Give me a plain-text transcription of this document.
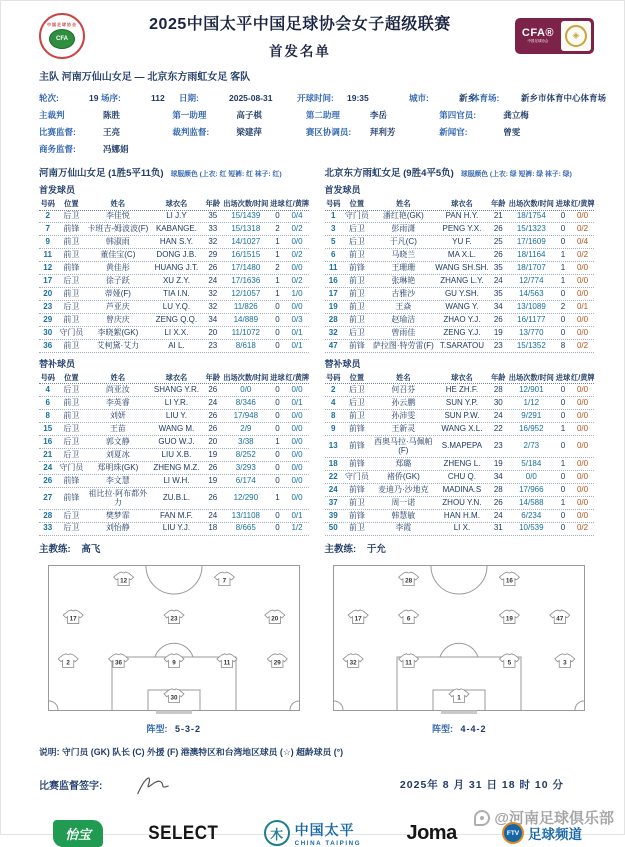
中国足球协会
CFA
2025中国太平中国足球协会女子超级联赛
首发名单
CFA®
中国足球协会
◈
主队 河南万仙山女足 — 北京东方雨虹女足 客队
轮次:	19 场序:	112	日期:	2025-08-31	开球时间: 19:35	城市:	新乡
体育场:	新乡市体育中心体育场
主裁判	陈胜	第一助理	高子棋	第二助理	李岳	第四官员:	龚立梅
比赛监督:	王亮	裁判监督:	梁建萍	赛区协调员: 拜利芳	新闻官:	曾雯
商务监督:	冯娜娟
河南万仙山女足 (1胜5平11负) 球服颜色 (上衣: 红 短裤: 红 袜子: 红)
首发球员
号码	位置	姓名	球衣名	年龄 出场次数/时间 进球 红/黄牌
2	后卫	李佳悦	LI J.Y	35	15/1439	0	0/4
7	前锋	卡班吉-姆波波(F) KABANGE.	33	15/1318	2	0/2
9	前卫	韩淑雨	HAN S.Y.	32	14/1027	1	0/0
11	前卫	董佳宝(C)	DONG J.B.	29	16/1515	1	0/2
12	前锋	黄佳彤	HUANG J.T.	26	17/1480	2	0/0
17	后卫	徐子跃	XU Z.Y.	24	17/1636	1	0/2
20	前卫	蒂娅(F)	TIA I.N.	32	12/1057	1	1/0
23	后卫	芦亚庆	LU Y.Q.	32	11/826	0	0/0
29	前卫	曾庆庆	ZENG Q.Q.	34	14/889	0	0/3
30 守门员	李晓絮(GK)	LI X.X.	20	11/1072	0	0/1
36	前卫	艾柯黛·艾力	AI L.	23	8/618	0	0/1
替补球员
号码	位置	姓名	球衣名	年龄 出场次数/时间 进球 红/黄牌
4	后卫	尚亚汝	SHANG Y.R.	26	0/0	0	0/0
6	前卫	李英睿	LI Y.R.	24	8/346	0	0/1
8	前卫	刘妍	LIU Y.	26	17/948	0	0/0
15	后卫	王苗	WANG M.	26	2/9	0	0/0
16	后卫	郭文静	GUO W.J.	20	3/38	1	0/0
21	后卫	刘夏冰	LIU X.B.	19	8/252	0	0/0
24 守门员	郑明珠(GK)	ZHENG M.Z.	26	3/293	0	0/0
26	前锋	李文慧	LI W.H.	19	6/174	0	0/0
27	前锋	祖比拉·阿布都外力	ZU.B.L.	26	12/290	1	0/0
28	后卫	樊梦霏	FAN M.F.	24	13/1108	0	0/1
33	后卫	刘怡静	LIU Y.J.	18	8/665	0	1/2
主教练: 高飞
北京东方雨虹女足 (9胜4平5负) 球服颜色 (上衣: 绿 短裤: 绿 袜子: 绿)
首发球员
号码	位置	姓名	球衣名	年龄 出场次数/时间 进球 红/黄牌
1	守门员	潘红艳(GK)	PAN H.Y.	21	18/1754	0	0/0
3	后卫	彭雨潇	PENG Y.X.	26	15/1323	0	0/2
5	后卫	于凡(C)	YU F.	25	17/1609	0	0/4
6	前卫	马晓兰	MA X.L.	26	18/1164	1	0/2
11	前锋	王珊珊	WANG SH.SH. 35	18/1707	1	0/0
16	前卫	张琳艳	ZHANG L.Y.	24	12/774	1	0/0
17	前卫	古雅沙	GU Y.SH.	35	14/563	0	0/0
19	前卫	王焱	WANG Y.	34	13/1089	2	0/1
28	前卫	赵瑜洁	ZHAO Y.J.	26	16/1177	0	0/0
32	后卫	曾雨佳	ZENG Y.J.	19	13/770	0	0/0
47	前锋	萨拉图·特劳雷(F) T.SARATOU	23	15/1352	8	0/2
替补球员
号码	位置	姓名	球衣名	年龄 出场次数/时间 进球 红/黄牌
2	后卫	何召芬	HE ZH.F.	28	12/901	0	0/0
4	后卫	孙云鹏	SUN Y.P.	30	1/12	0	0/0
8	前卫	孙沛雯	SUN P.W.	24	9/291	0	0/0
9	前锋	王新灵	WANG X.L.	22	16/952	1	0/0
13	前锋	西奥马拉·马佩帕(F)	S.MAPEPA	23	2/73	0	0/0
18	前锋	郑璐	ZHENG L.	19	5/184	1	0/0
22 守门员	褚侨(GK)	CHU Q.	34	0/0	0	0/0
24	前锋	麦迪乃·沙地克	MADINA.S	28	17/966	0	0/0
37	前卫	周一诺	ZHOU Y.N.	26	14/588	1	0/0
39	前锋	韩慧敏	HAN H.M.	24	6/234	0	0/0
50	前卫	李霞	LI X.	31	10/539	0	0/2
主教练: 于允
12	7
17	23	20
2	36	9	11	29
30
阵型: 5-3-2
28	16
17	6	19	47
32	11	5	3
1
阵型: 4-4-2
说明: 守门员 (GK) 队长 (C) 外援 (F) 港澳特区和台湾地区球员 (☆) 超龄球员 (°)
比赛监督签字:	2025年 8 月 31 日 18 时 10 分
怡宝	SELECT	木 中国太平
CHINA TAIPING Joma	FTV 足球频道
@河南足球俱乐部
